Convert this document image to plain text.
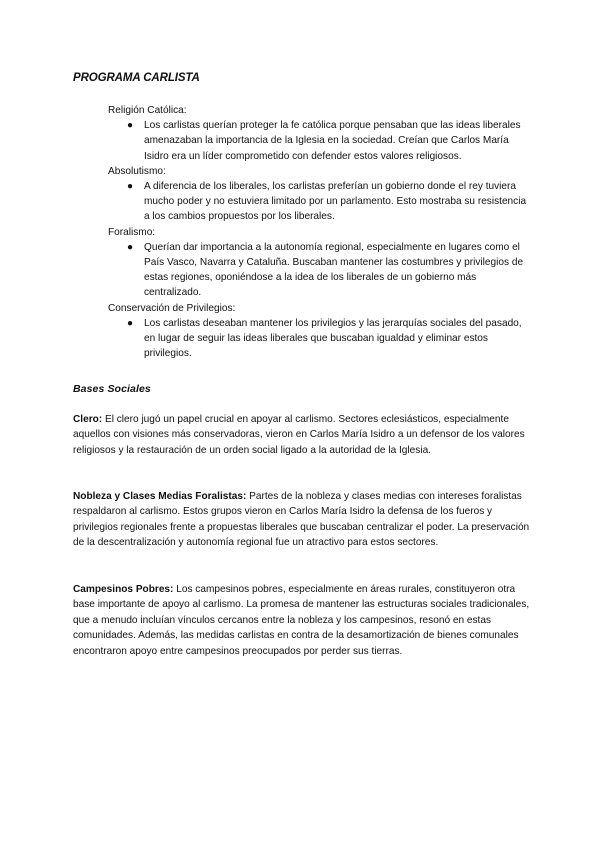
PROGRAMA CARLISTA

Religión Católica:

● Los carlistas querían proteger la fe católica porque pensaban que las ideas liberales amenazaban la importancia de la Iglesia en la sociedad. Creían que Carlos María Isidro era un líder comprometido con defender estos valores religiosos.

Absolutismo:

● A diferencia de los liberales, los carlistas preferían un gobierno donde el rey tuviera mucho poder y no estuviera limitado por un parlamento. Esto mostraba su resistencia a los cambios propuestos por los liberales.

Foralismo:

● Querían dar importancia a la autonomía regional, especialmente en lugares como el País Vasco, Navarra y Cataluña. Buscaban mantener las costumbres y privilegios de estas regiones, oponiéndose a la idea de los liberales de un gobierno más centralizado.

Conservación de Privilegios:

● Los carlistas deseaban mantener los privilegios y las jerarquías sociales del pasado, en lugar de seguir las ideas liberales que buscaban igualdad y eliminar estos privilegios.
Bases Sociales

Clero: El clero jugó un papel crucial en apoyar al carlismo. Sectores eclesiásticos, especialmente aquellos con visiones más conservadoras, vieron en Carlos María Isidro a un defensor de los valores religiosos y la restauración de un orden social ligado a la autoridad de la Iglesia.

Nobleza y Clases Medias Foralistas: Partes de la nobleza y clases medias con intereses foralistas respaldaron al carlismo. Estos grupos vieron en Carlos María Isidro la defensa de los fueros y privilegios regionales frente a propuestas liberales que buscaban centralizar el poder. La preservación de la descentralización y autonomía regional fue un atractivo para estos sectores.

Campesinos Pobres: Los campesinos pobres, especialmente en áreas rurales, constituyeron otra base importante de apoyo al carlismo. La promesa de mantener las estructuras sociales tradicionales, que a menudo incluían vínculos cercanos entre la nobleza y los campesinos, resonó en estas comunidades. Además, las medidas carlistas en contra de la desamortización de bienes comunales encontraron apoyo entre campesinos preocupados por perder sus tierras.
